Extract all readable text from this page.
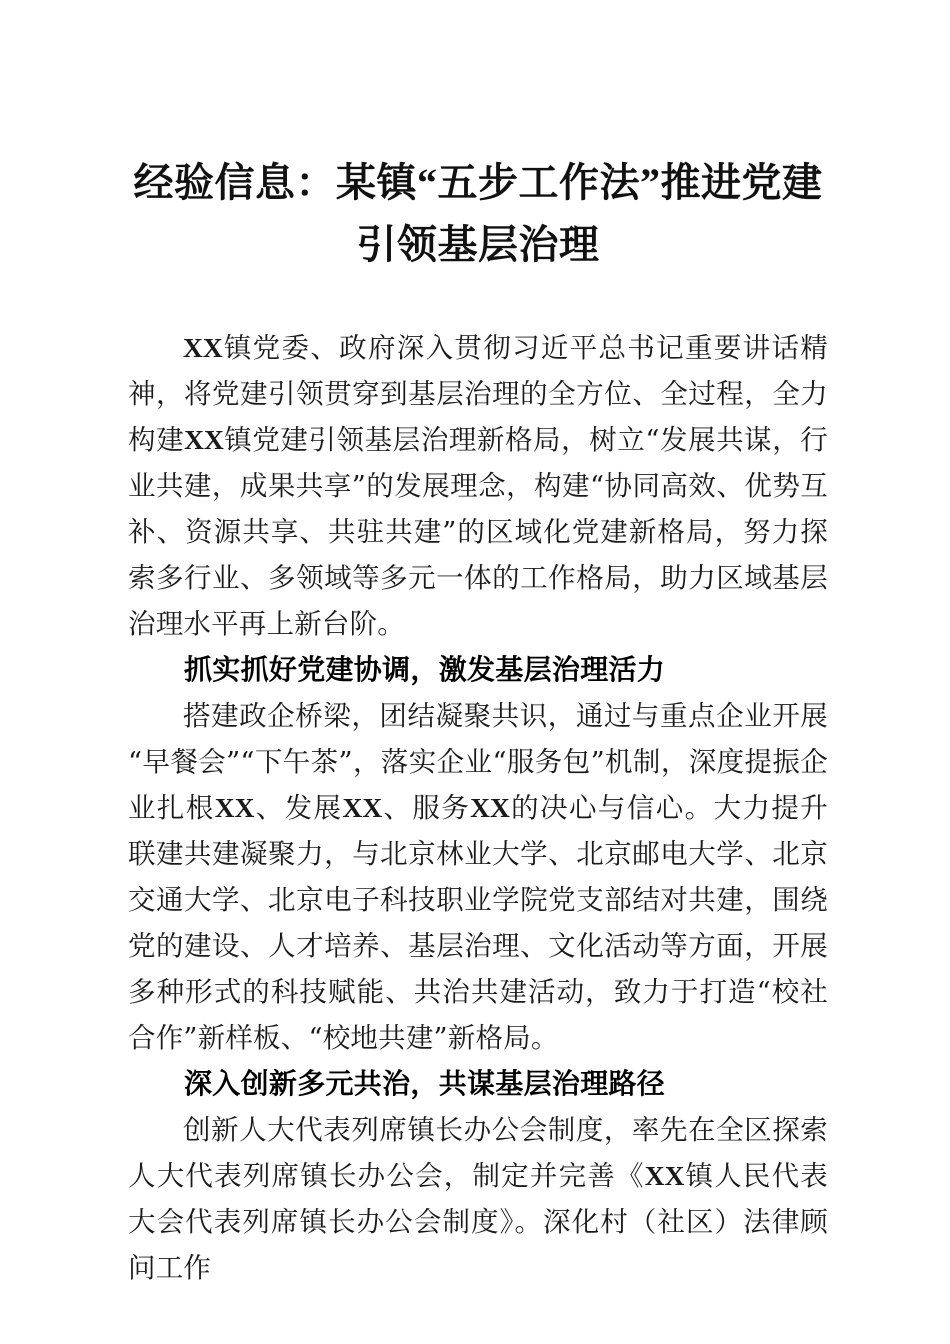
经验信息：某镇“五步工作法”推进党建
引领基层治理

XX镇党委、政府深入贯彻习近平总书记重要讲话精神，将党建引领贯穿到基层治理的全方位、全过程，全力构建XX镇党建引领基层治理新格局，树立“发展共谋，行业共建，成果共享”的发展理念，构建“协同高效、优势互补、资源共享、共驻共建”的区域化党建新格局，努力探索多行业、多领域等多元一体的工作格局，助力区域基层治理水平再上新台阶。

抓实抓好党建协调，激发基层治理活力

搭建政企桥梁，团结凝聚共识，通过与重点企业开展“早餐会”“下午茶”，落实企业“服务包”机制，深度提振企业扎根XX、发展XX、服务XX的决心与信心。大力提升联建共建凝聚力，与北京林业大学、北京邮电大学、北京交通大学、北京电子科技职业学院党支部结对共建，围绕党的建设、人才培养、基层治理、文化活动等方面，开展多种形式的科技赋能、共治共建活动，致力于打造“校社合作”新样板、“校地共建”新格局。

深入创新多元共治，共谋基层治理路径

创新人大代表列席镇长办公会制度，率先在全区探索人大代表列席镇长办公会，制定并完善《XX镇人民代表大会代表列席镇长办公会制度》。深化村（社区）法律顾问工作
